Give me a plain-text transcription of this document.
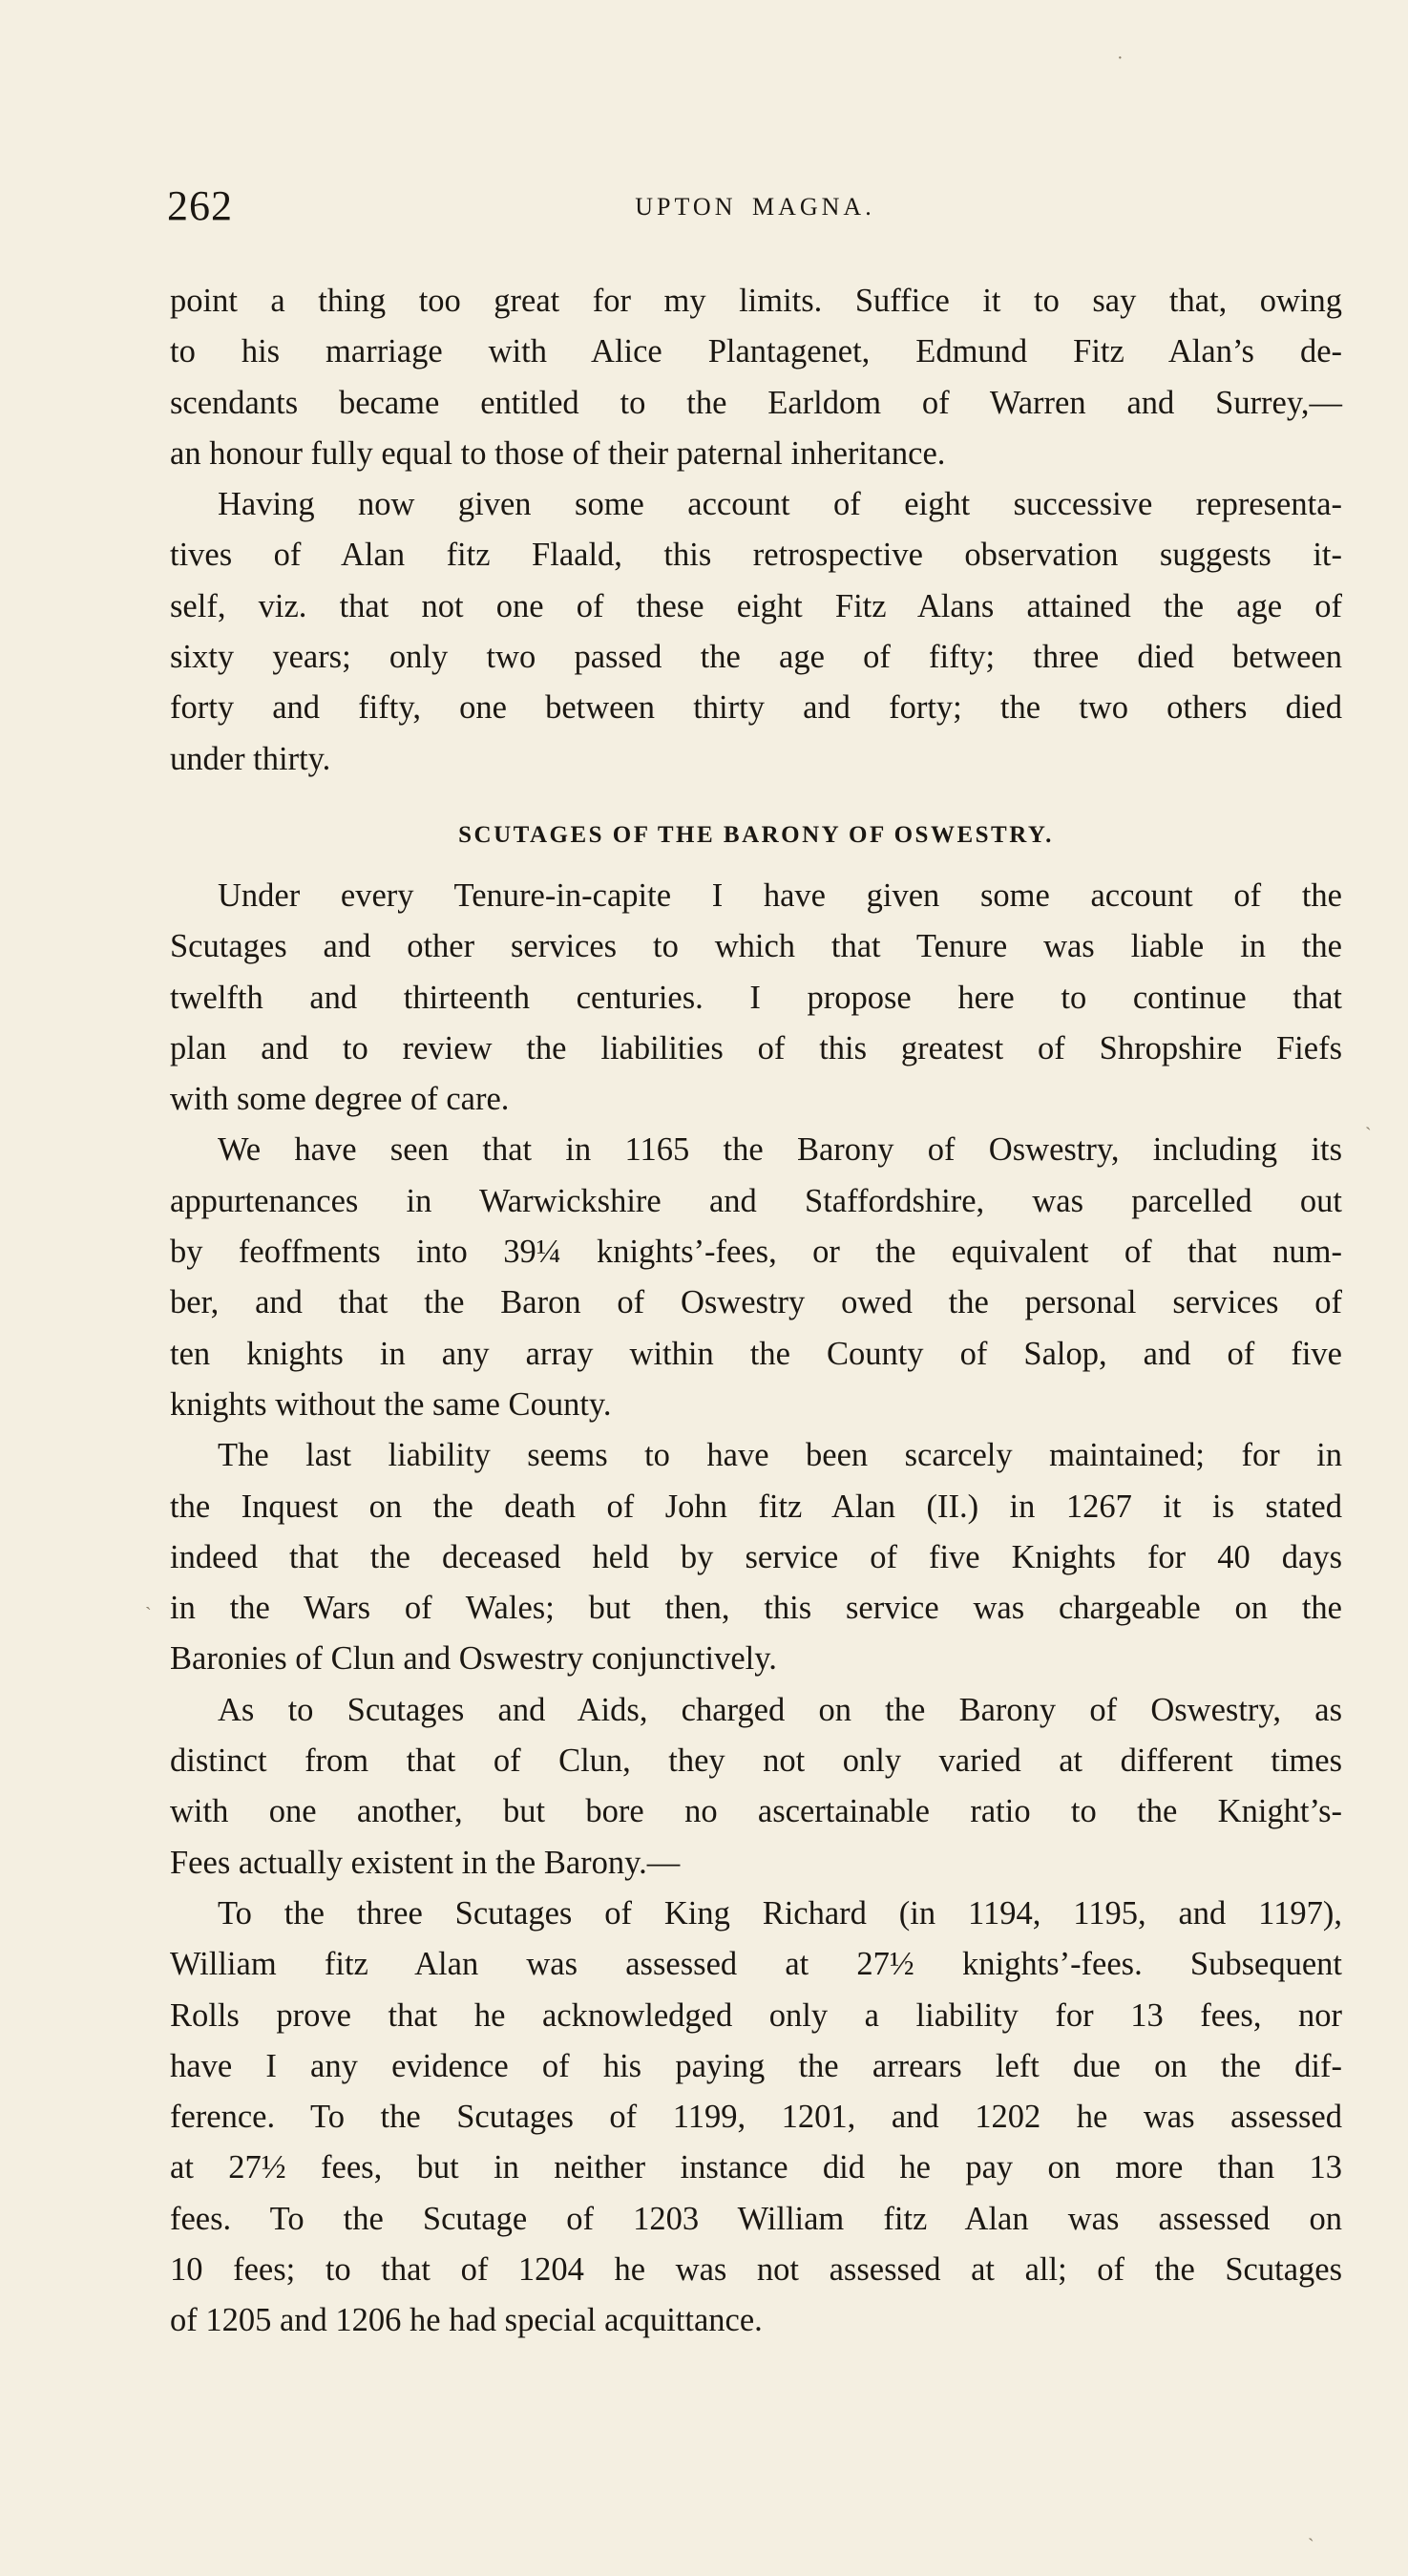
262	UPTON MAGNA.

point a thing too great for my limits. Suffice it to say that, owing
to his marriage with Alice Plantagenet, Edmund Fitz Alan’s de-
scendants became entitled to the Earldom of Warren and Surrey,—
an honour fully equal to those of their paternal inheritance.

Having now given some account of eight successive representa-
tives of Alan fitz Flaald, this retrospective observation suggests it-
self, viz. that not one of these eight Fitz Alans attained the age of
sixty years; only two passed the age of fifty; three died between
forty and fifty, one between thirty and forty; the two others died
under thirty.

SCUTAGES OF THE BARONY OF OSWESTRY.

Under every Tenure-in-capite I have given some account of the
Scutages and other services to which that Tenure was liable in the
twelfth and thirteenth centuries. I propose here to continue that
plan and to review the liabilities of this greatest of Shropshire Fiefs
with some degree of care.

We have seen that in 1165 the Barony of Oswestry, including its
appurtenances in Warwickshire and Staffordshire, was parcelled out
by feoffments into 39¼ knights’-fees, or the equivalent of that num-
ber, and that the Baron of Oswestry owed the personal services of
ten knights in any array within the County of Salop, and of five
knights without the same County.

The last liability seems to have been scarcely maintained; for in
the Inquest on the death of John fitz Alan (II.) in 1267 it is stated
indeed that the deceased held by service of five Knights for 40 days
in the Wars of Wales; but then, this service was chargeable on the
Baronies of Clun and Oswestry conjunctively.

As to Scutages and Aids, charged on the Barony of Oswestry, as
distinct from that of Clun, they not only varied at different times
with one another, but bore no ascertainable ratio to the Knight’s-
Fees actually existent in the Barony.—

To the three Scutages of King Richard (in 1194, 1195, and 1197),
William fitz Alan was assessed at 27½ knights’-fees. Subsequent
Rolls prove that he acknowledged only a liability for 13 fees, nor
have I any evidence of his paying the arrears left due on the dif-
ference. To the Scutages of 1199, 1201, and 1202 he was assessed
at 27½ fees, but in neither instance did he pay on more than 13
fees. To the Scutage of 1203 William fitz Alan was assessed on
10 fees; to that of 1204 he was not assessed at all; of the Scutages
of 1205 and 1206 he had special acquittance.

ˎ
ˋ
ˎ
·
